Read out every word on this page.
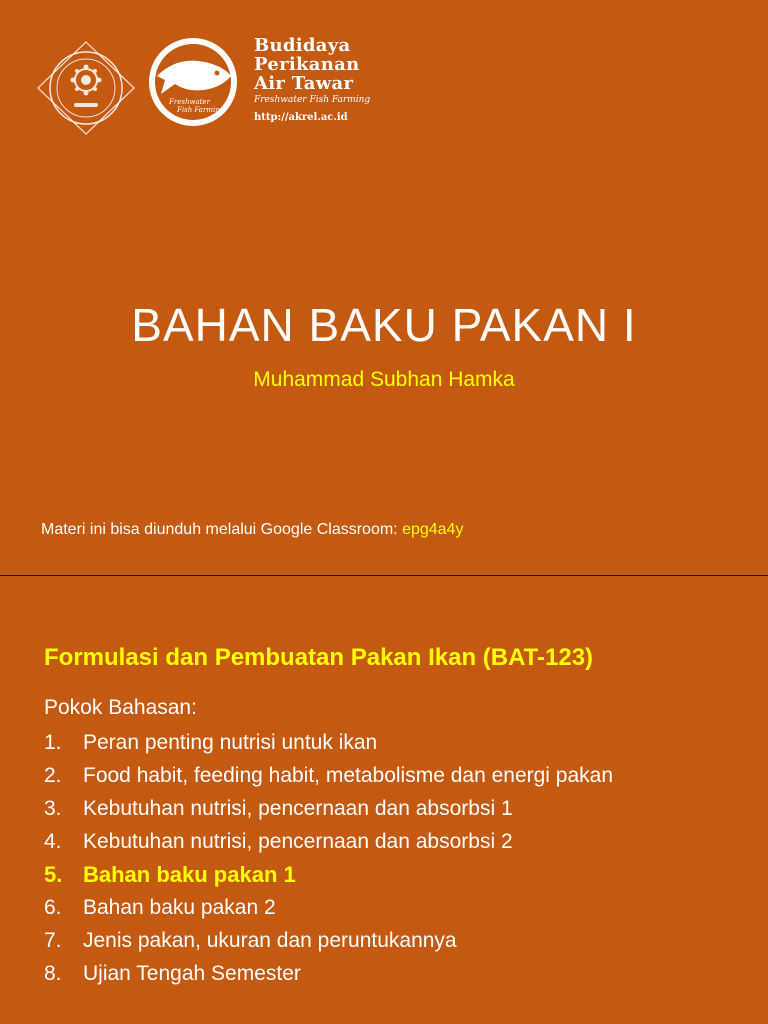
Freshwater
Fish Farming
Budidaya
Perikanan
Air Tawar
Freshwater Fish Farming
http://akrel.ac.id
BAHAN BAKU PAKAN I
Muhammad Subhan Hamka
Materi ini bisa diunduh melalui Google Classroom: epg4a4y
Formulasi dan Pembuatan Pakan Ikan (BAT-123)
Pokok Bahasan:
1.	Peran penting nutrisi untuk ikan
2.	Food habit, feeding habit, metabolisme dan energi pakan
3.	Kebutuhan nutrisi, pencernaan dan absorbsi 1
4.	Kebutuhan nutrisi, pencernaan dan absorbsi 2
5. Bahan baku pakan 1
6.	Bahan baku pakan 2
7.	Jenis pakan, ukuran dan peruntukannya
8.	Ujian Tengah Semester
